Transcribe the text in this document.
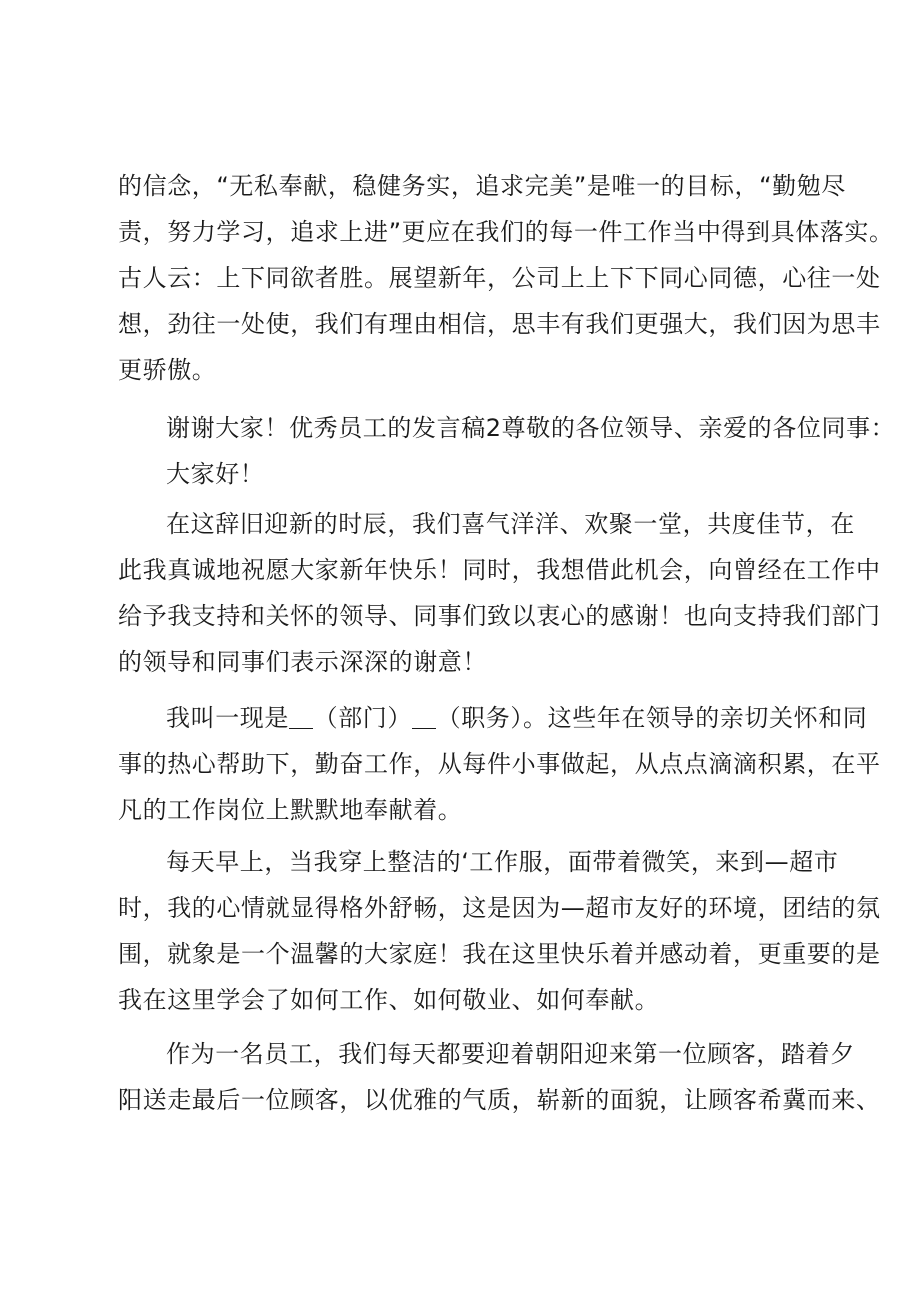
的信念，“无私奉献，稳健务实，追求完美”是唯一的目标，“勤勉尽
责，努力学习，追求上进”更应在我们的每一件工作当中得到具体落实。
古人云：上下同欲者胜。展望新年，公司上上下下同心同德，心往一处
想，劲往一处使，我们有理由相信，思丰有我们更强大，我们因为思丰
更骄傲。
谢谢大家！优秀员工的发言稿2尊敬的各位领导、亲爱的各位同事：
大家好！
在这辞旧迎新的时辰，我们喜气洋洋、欢聚一堂，共度佳节，在
此我真诚地祝愿大家新年快乐！同时，我想借此机会，向曾经在工作中
给予我支持和关怀的领导、同事们致以衷心的感谢！也向支持我们部门
的领导和同事们表示深深的谢意！
我叫一现是＿（部门）＿（职务）。这些年在领导的亲切关怀和同
事的热心帮助下，勤奋工作，从每件小事做起，从点点滴滴积累，在平
凡的工作岗位上默默地奉献着。
每天早上，当我穿上整洁的‘工作服，面带着微笑，来到—超市
时，我的心情就显得格外舒畅，这是因为—超市友好的环境，团结的氛
围，就象是一个温馨的大家庭！我在这里快乐着并感动着，更重要的是
我在这里学会了如何工作、如何敬业、如何奉献。
作为一名员工，我们每天都要迎着朝阳迎来第一位顾客，踏着夕
阳送走最后一位顾客，以优雅的气质，崭新的面貌，让顾客希冀而来、
